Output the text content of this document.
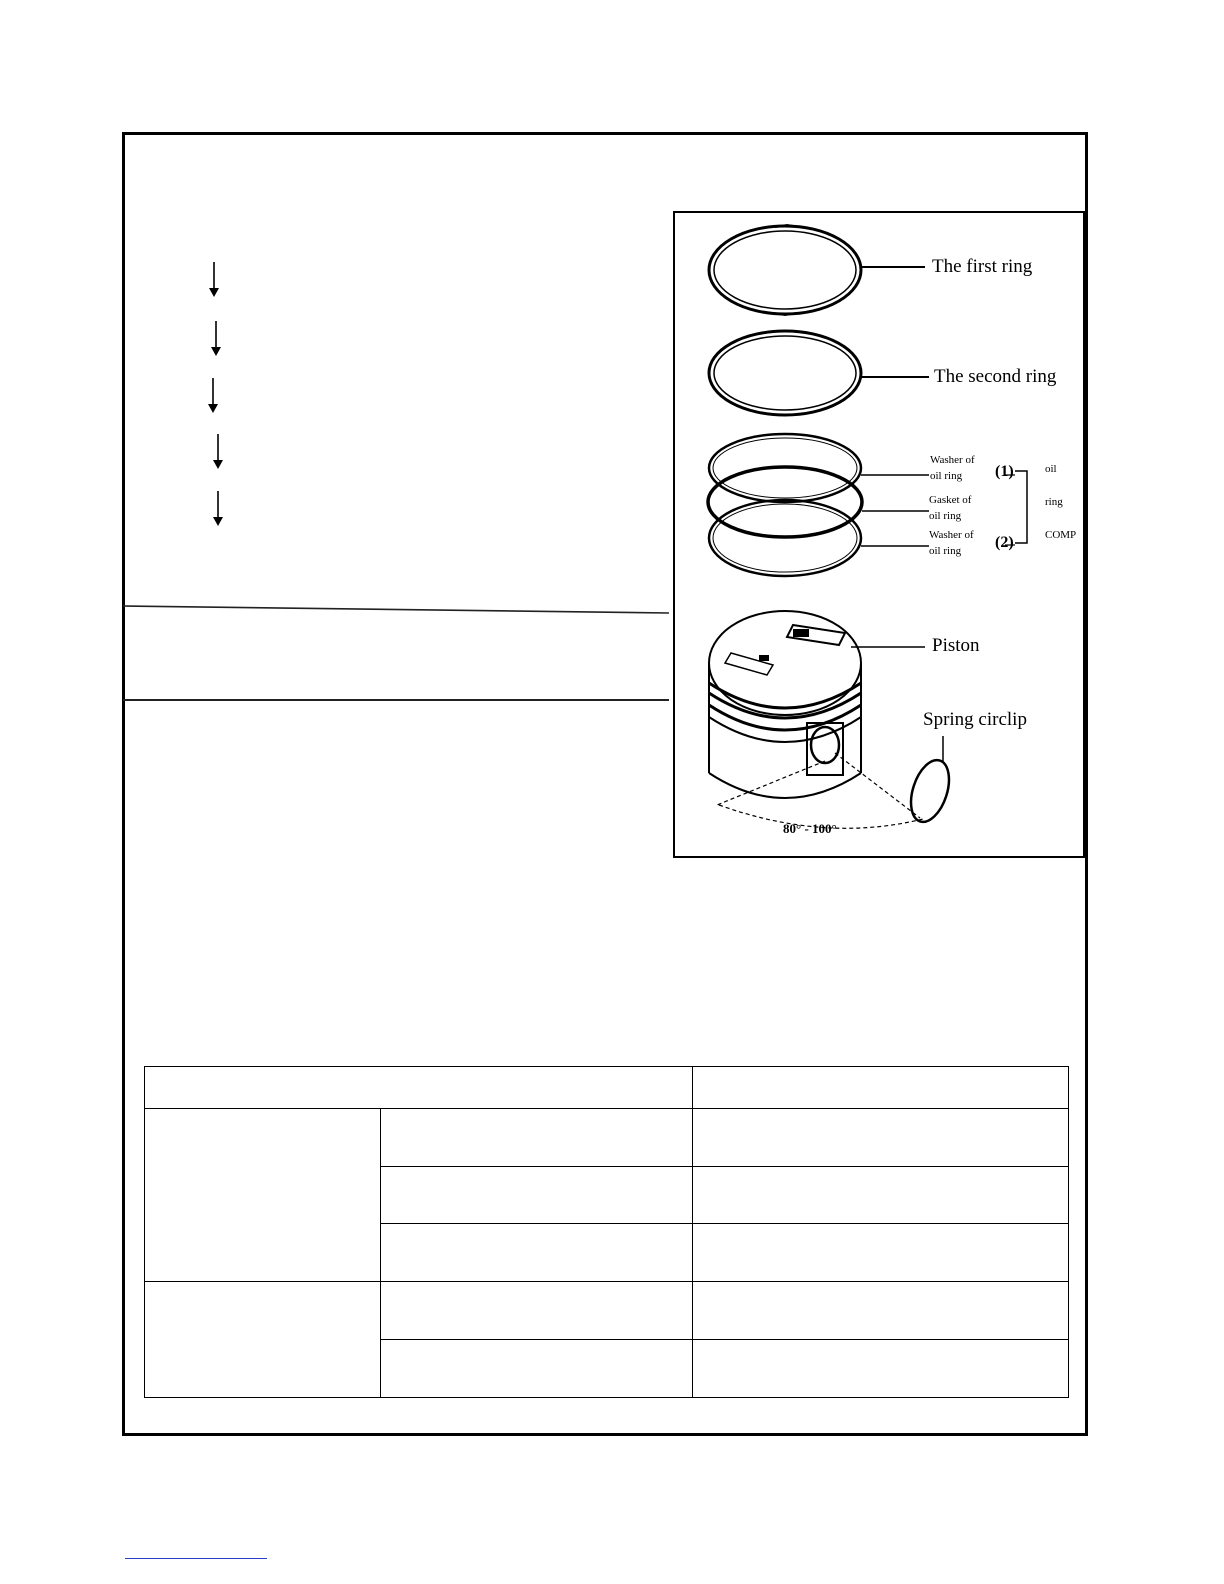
The first ring
The second ring
Washer of
oil ring
Gasket of
oil ring
Washer of
oil ring
(1)
(2)
oil
ring
COMP
Piston
Spring circlip
80° - 100°
